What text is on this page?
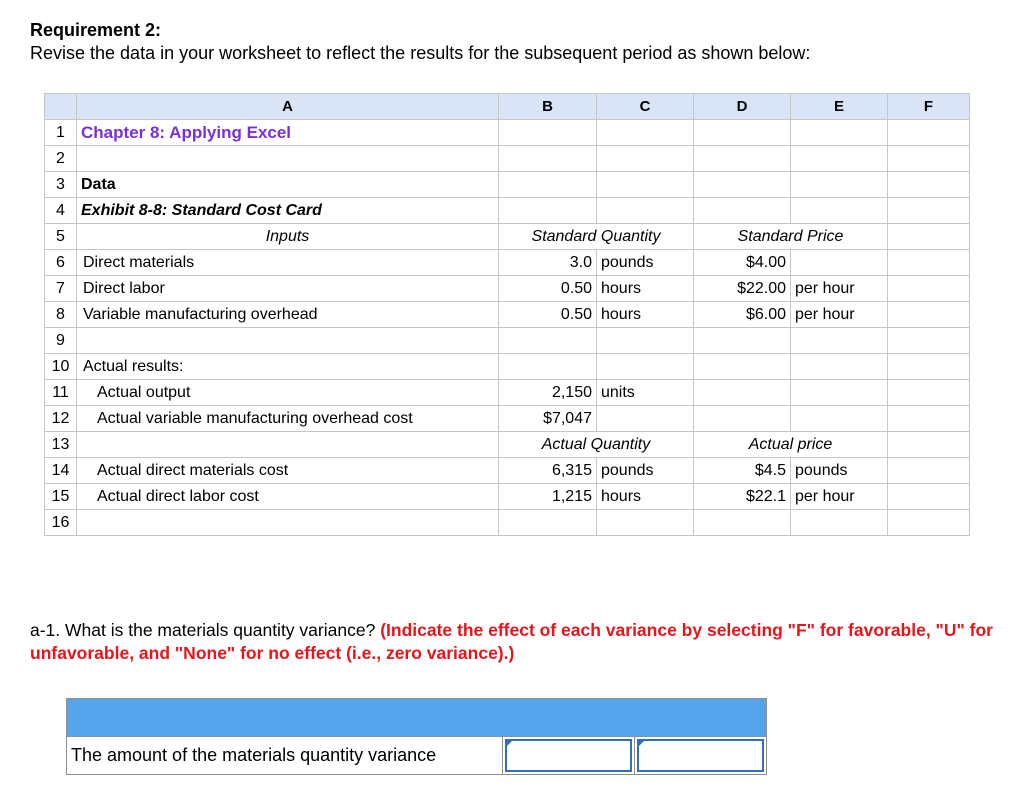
Requirement 2:
Revise the data in your worksheet to reflect the results for the subsequent period as shown below:
	A	B	C	D	E	F
1	Chapter 8: Applying Excel					
2						
3	Data					
4	Exhibit 8-8: Standard Cost Card					
5	Inputs	Standard Quantity		Standard Price		
6	Direct materials	3.0	pounds	$4.00		
7	Direct labor	0.50	hours	$22.00	per hour	
8	Variable manufacturing overhead	0.50	hours	$6.00	per hour	
9						
10	Actual results:					
11	Actual output	2,150	units			
12	Actual variable manufacturing overhead cost	$7,047				
13		Actual Quantity		Actual price		
14	Actual direct materials cost	6,315	pounds	$4.5	pounds	
15	Actual direct labor cost	1,215	hours	$22.1	per hour	
16						
a-1. What is the materials quantity variance? (Indicate the effect of each variance by selecting "F" for favorable, "U" for unfavorable, and "None" for no effect (i.e., zero variance).)

The amount of the materials quantity variance	
